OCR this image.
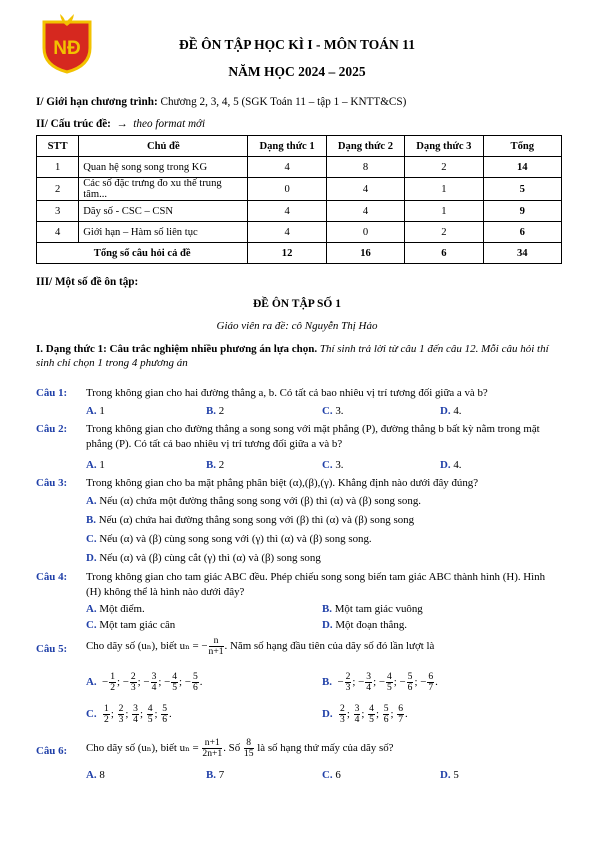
NĐ	ĐỀ ÔN TẬP HỌC KÌ I - MÔN TOÁN 11
NĂM HỌC 2024 – 2025
I/ Giới hạn chương trình: Chương 2, 3, 4, 5 (SGK Toán 11 – tập 1 – KNTT&CS)
II/ Cấu trúc đề: → theo format mới
STT	Chủ đề	Dạng thức 1	Dạng thức 2	Dạng thức 3	Tổng
1	Quan hệ song song trong KG	4	8	2	14
2	Các số đặc trưng đo xu thế trung tâm...	0	4	1	5
3	Dãy số - CSC – CSN	4	4	1	9
4	Giới hạn – Hàm số liên tục	4	0	2	6
Tổng số câu hỏi cả đề		12	16	6	34
III/ Một số đề ôn tập:
ĐỀ ÔN TẬP SỐ 1
Giáo viên ra đề: cô Nguyễn Thị Hảo
I. Dạng thức 1: Câu trắc nghiệm nhiều phương án lựa chọn. Thí sinh trả lời từ câu 1 đến câu 12. Mỗi câu hỏi thí sinh chỉ chọn 1 trong 4 phương án
Câu 1: Trong không gian cho hai đường thẳng a, b. Có tất cả bao nhiêu vị trí tương đối giữa a và b?
A. 1	B. 2	C. 3.	D. 4.
Câu 2: Trong không gian cho đường thẳng a song song với mặt phẳng (P), đường thẳng b bất kỳ nằm trong mặt phẳng (P). Có tất cả bao nhiêu vị trí tương đối giữa a và b?
A. 1	B. 2	C. 3.	D. 4.
Câu 3: Trong không gian cho ba mặt phẳng phân biệt (α),(β),(γ). Khẳng định nào dưới đây đúng?
A. Nếu (α) chứa một đường thẳng song song với (β) thì (α) và (β) song song.
B. Nếu (α) chứa hai đường thẳng song song với (β) thì (α) và (β) song song
C. Nếu (α) và (β) cùng song song với (γ) thì (α) và (β) song song.
D. Nếu (α) và (β) cùng cắt (γ) thì (α) và (β) song song
Câu 4: Trong không gian cho tam giác ABC đều. Phép chiếu song song biến tam giác ABC thành hình (H). Hình (H) không thể là hình nào dưới đây?
A. Một điểm.	B. Một tam giác vuông
C. Một tam giác cân	D. Một đoạn thẳng.
Câu 5: Cho dãy số (uₙ), biết uₙ = − $\frac{n}{n+1}$ . Năm số hạng đầu tiên của dãy số đó lần lượt là
A.  − $\frac{1}{2}$ ; − $\frac{2}{3}$ ; − $\frac{3}{4}$ ; − $\frac{4}{5}$ ; − $\frac{5}{6}$ .	B.  − $\frac{2}{3}$ ; − $\frac{3}{4}$ ; − $\frac{4}{5}$ ; − $\frac{5}{6}$ ; − $\frac{6}{7}$ .
C. $\frac{1}{2}$ ; $\frac{2}{3}$ ; $\frac{3}{4}$ ; $\frac{4}{5}$ ; $\frac{5}{6}$ .	D. $\frac{2}{3}$ ; $\frac{3}{4}$ ; $\frac{4}{5}$ ; $\frac{5}{6}$ ; $\frac{6}{7}$ .
Câu 6: Cho dãy số (uₙ), biết $u_n = \frac{n+1}{2n+1}$ . Số $\frac{8}{15}$ là số hạng thứ mấy của dãy số?
A. 8	B. 7	C. 6	D. 5
